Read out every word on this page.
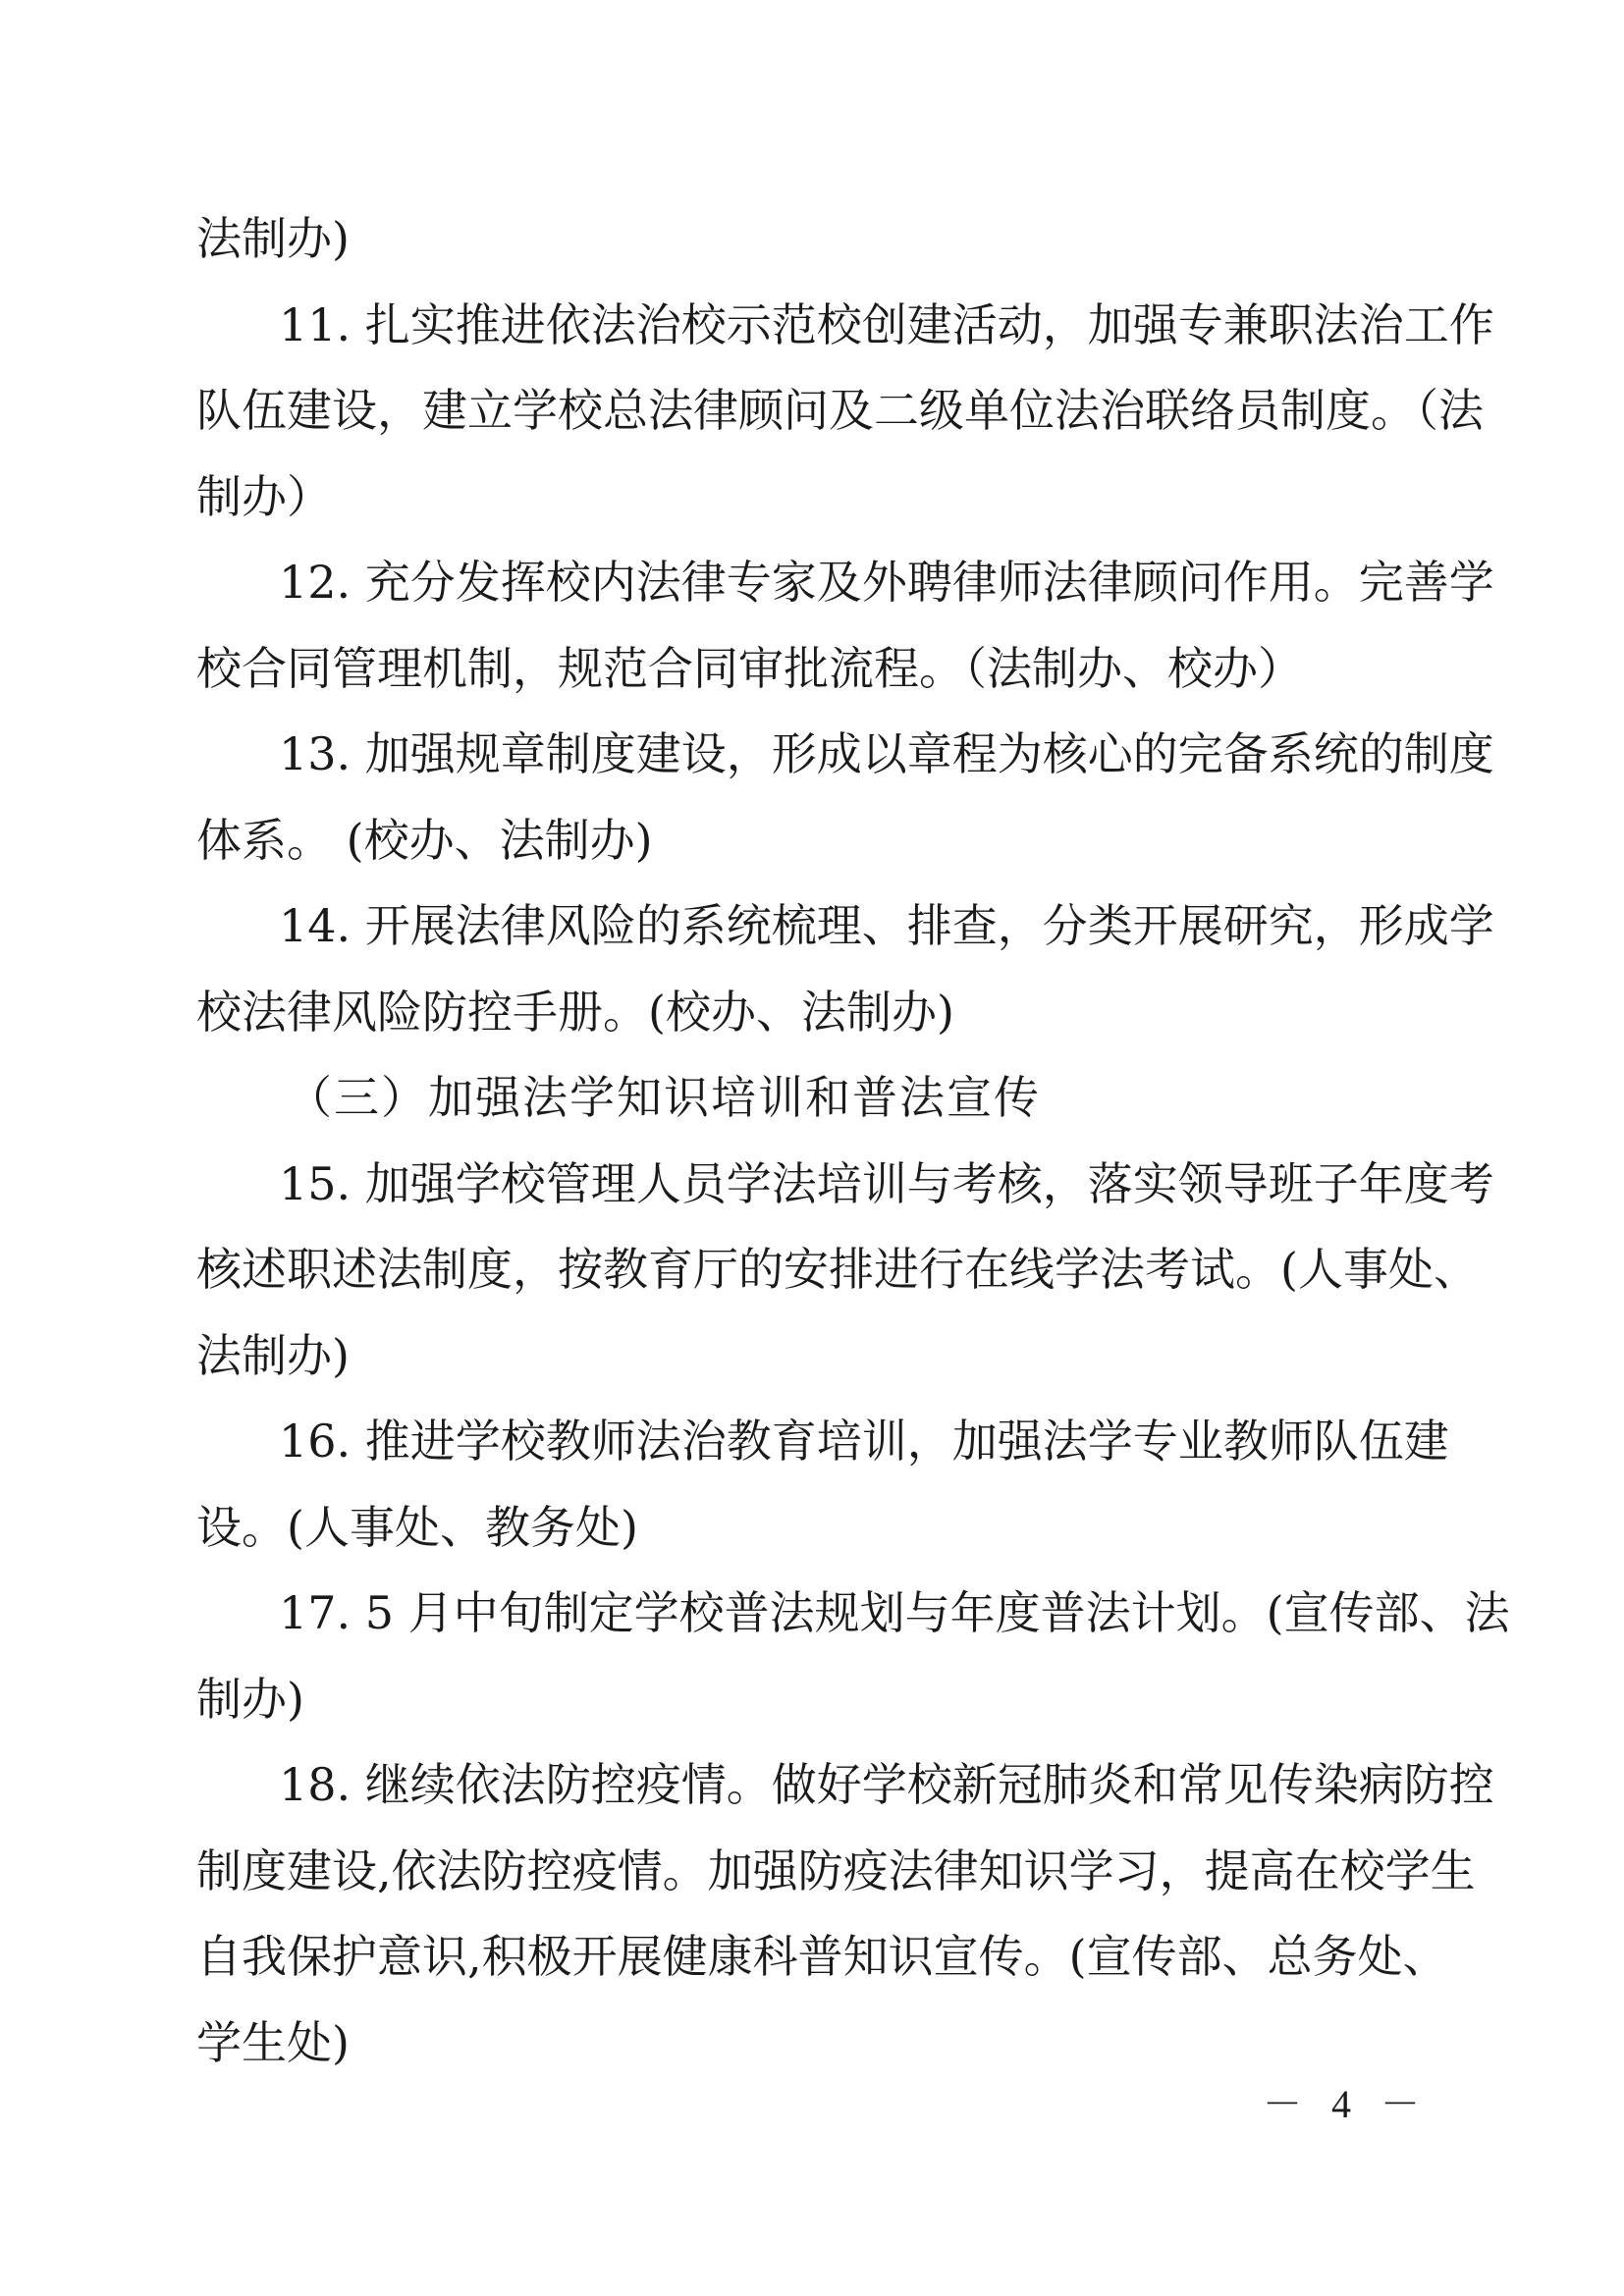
法制办)
11. 扎实推进依法治校示范校创建活动，加强专兼职法治工作
队伍建设，建立学校总法律顾问及二级单位法治联络员制度。（法
制办）
12. 充分发挥校内法律专家及外聘律师法律顾问作用。完善学
校合同管理机制，规范合同审批流程。（法制办、校办）
13. 加强规章制度建设，形成以章程为核心的完备系统的制度
体系。 (校办、法制办)
14. 开展法律风险的系统梳理、排查，分类开展研究，形成学
校法律风险防控手册。(校办、法制办)
（三）加强法学知识培训和普法宣传
15. 加强学校管理人员学法培训与考核，落实领导班子年度考
核述职述法制度，按教育厅的安排进行在线学法考试。(人事处、
法制办)
16. 推进学校教师法治教育培训，加强法学专业教师队伍建
设。(人事处、教务处)
17. 5 月中旬制定学校普法规划与年度普法计划。(宣传部、法
制办)
18. 继续依法防控疫情。做好学校新冠肺炎和常见传染病防控
制度建设,依法防控疫情。加强防疫法律知识学习，提高在校学生
自我保护意识,积极开展健康科普知识宣传。(宣传部、总务处、
学生处)
－ 4 －
